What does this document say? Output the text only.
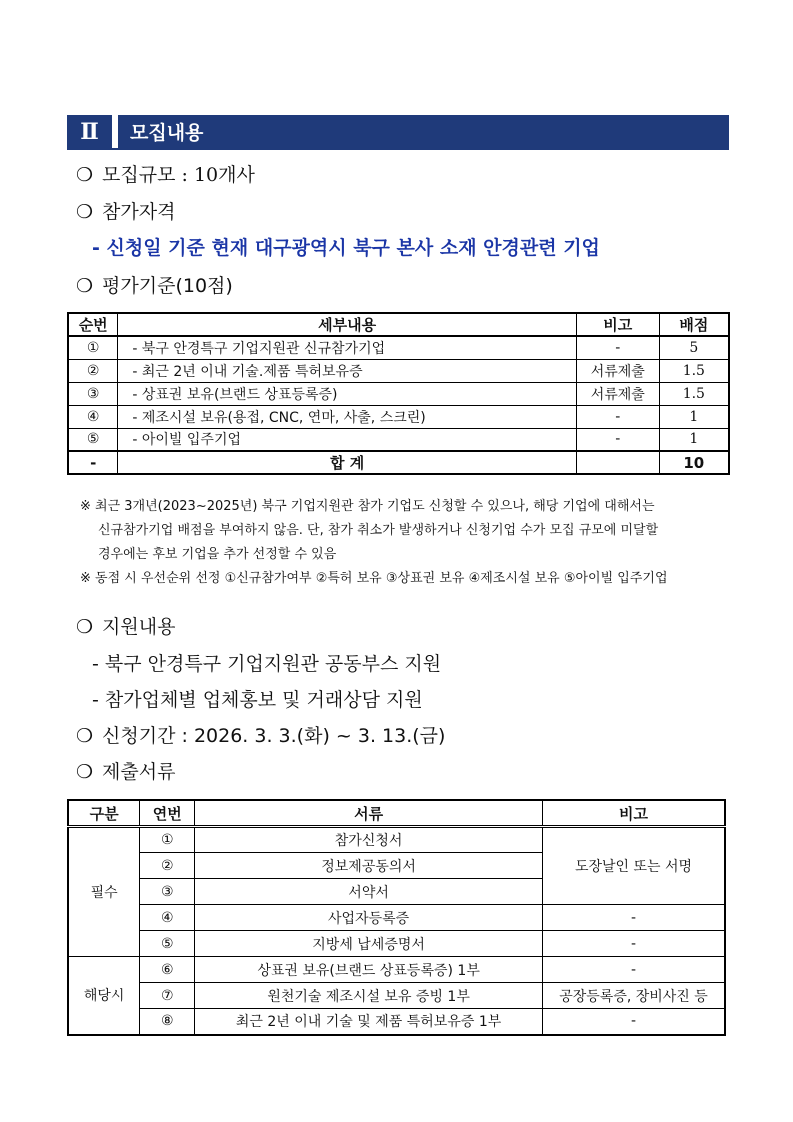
Ⅱ	모집내용
❍ 모집규모 : 10개사
❍ 참가자격
- 신청일 기준 현재 대구광역시 북구 본사 소재 안경관련 기업
❍ 평가기준(10점)
순번	세부내용	비고	배점
①	- 북구 안경특구 기업지원관 신규참가기업	-	5
②	- 최근 2년 이내 기술․제품 특허보유증	서류제출	1.5
③	- 상표권 보유(브랜드 상표등록증)	서류제출	1.5
④	- 제조시설 보유(용접, CNC, 연마, 사출, 스크린)	-	1
⑤	- 아이빌 입주기업	-	1
-	합 계		10
※ 최근 3개년(2023~2025년) 북구 기업지원관 참가 기업도 신청할 수 있으나, 해당 기업에 대해서는
신규참가기업 배점을 부여하지 않음. 단, 참가 취소가 발생하거나 신청기업 수가 모집 규모에 미달할
경우에는 후보 기업을 추가 선정할 수 있음
※ 동점 시 우선순위 선정 ①신규참가여부 ②특허 보유 ③상표권 보유 ④제조시설 보유 ⑤아이빌 입주기업
❍ 지원내용
- 북구 안경특구 기업지원관 공동부스 지원
- 참가업체별 업체홍보 및 거래상담 지원
❍ 신청기간 : 2026. 3. 3.(화) ~ 3. 13.(금)
❍ 제출서류
구분	연번	서류	비고
필수	①	참가신청서	도장날인 또는 서명
	②	정보제공동의서	
	③	서약서	
	④	사업자등록증	-
	⑤	지방세 납세증명서	-
해당시	⑥	상표권 보유(브랜드 상표등록증) 1부	-
	⑦	원천기술 제조시설 보유 증빙 1부	공장등록증, 장비사진 등
	⑧	최근 2년 이내 기술 및 제품 특허보유증 1부	-
